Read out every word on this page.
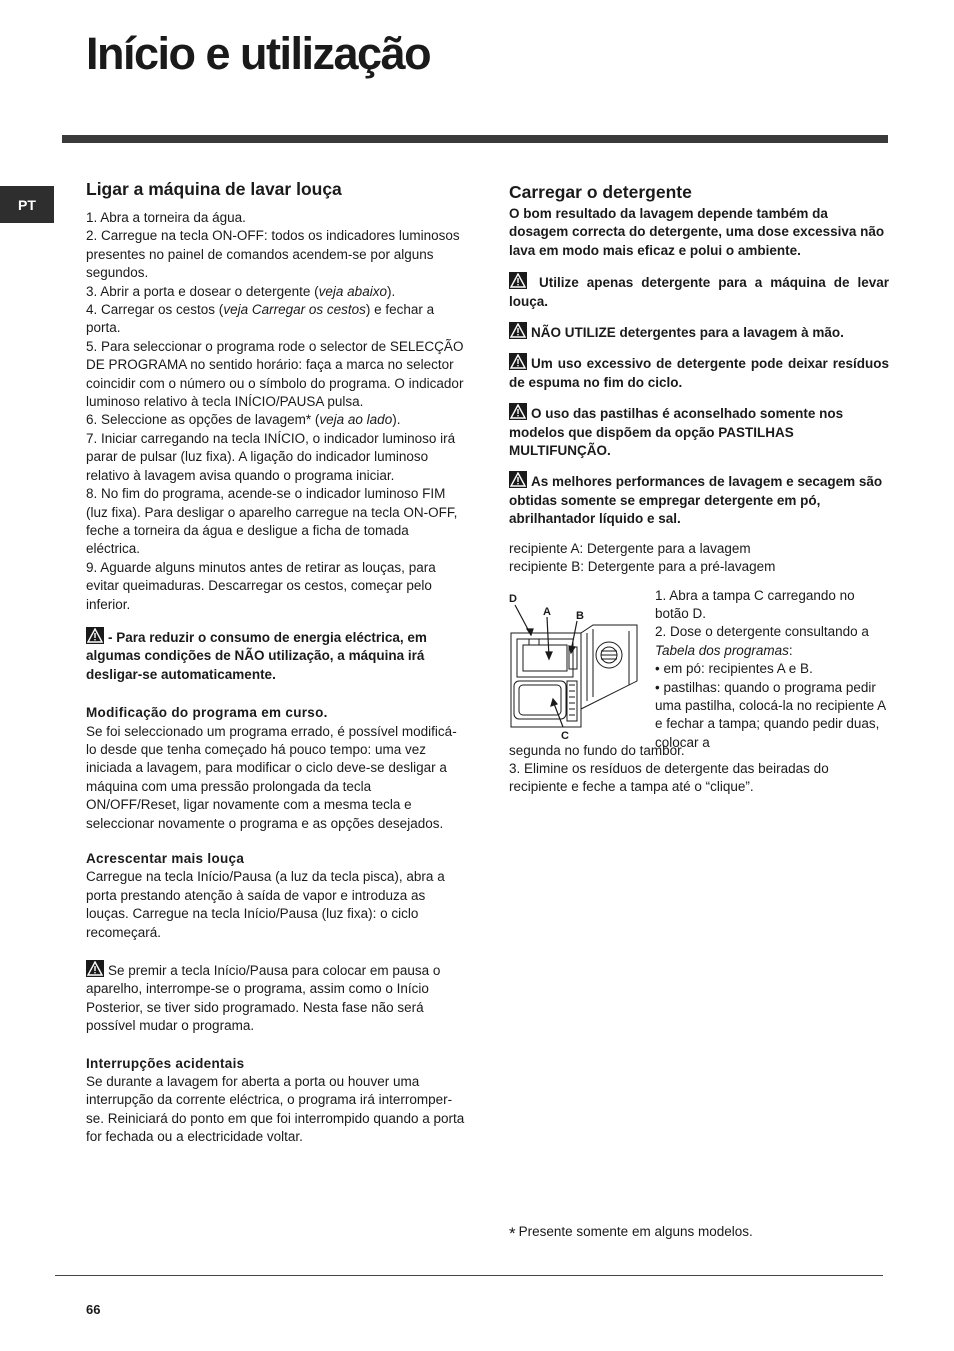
Início e utilização
PT
Ligar a máquina de lavar louça

1. Abra a torneira da água.

2. Carregue na tecla ON-OFF: todos os indicadores luminosos presentes no painel de comandos acendem-se por alguns segundos.

3. Abrir a porta e dosear o detergente (veja abaixo).

4. Carregar os cestos (veja Carregar os cestos) e fechar a porta.

5. Para seleccionar o programa rode o selector de SELECÇÃO DE PROGRAMA no sentido horário: faça a marca no selector coincidir com o número ou o símbolo do programa. O indicador luminoso relativo à tecla INÍCIO/PAUSA pulsa.

6. Seleccione as opções de lavagem* (veja ao lado).

7. Iniciar carregando na tecla INÍCIO, o indicador luminoso irá parar de pulsar (luz fixa). A ligação do indicador luminoso relativo à lavagem avisa quando o programa iniciar.

8. No fim do programa, acende-se o indicador luminoso FIM (luz fixa). Para desligar o aparelho carregue na tecla ON-OFF, feche a torneira da água e desligue a ficha de tomada eléctrica.

9. Aguarde alguns minutos antes de retirar as louças, para evitar queimaduras. Descarregar os cestos, começar pelo inferior.

- Para reduzir o consumo de energia eléctrica, em algumas condições de NÃO utilização, a máquina irá desligar-se automaticamente.

Modificação do programa em curso.

Se foi seleccionado um programa errado, é possível modificá-lo desde que tenha começado há pouco tempo: uma vez iniciada a lavagem, para modificar o ciclo deve-se desligar a máquina com uma pressão prolongada da tecla ON/OFF/Reset, ligar novamente com a mesma tecla e seleccionar novamente o programa e as opções desejados.

Acrescentar mais louça

Carregue na tecla Início/Pausa (a luz da tecla pisca), abra a porta prestando atenção à saída de vapor e introduza as louças. Carregue na tecla Início/Pausa (luz fixa): o ciclo recomeçará.

Se premir a tecla Início/Pausa para colocar em pausa o aparelho, interrompe-se o programa, assim como o Início Posterior, se tiver sido programado. Nesta fase não será possível mudar o programa.

Interrupções acidentais

Se durante a lavagem for aberta a porta ou houver uma interrupção da corrente eléctrica, o programa irá interromper-se. Reiniciará do ponto em que foi interrompido quando a porta for fechada ou a electricidade voltar.

Carregar o detergente

O bom resultado da lavagem depende também da dosagem correcta do detergente, uma dose excessiva não lava em modo mais eficaz e polui o ambiente.

Utilize apenas detergente para a máquina de levar louça.

NÃO UTILIZE detergentes para a lavagem à mão.

Um uso excessivo de detergente pode deixar resíduos de espuma no fim do ciclo.

O uso das pastilhas é aconselhado somente nos modelos que dispõem da opção PASTILHAS MULTIFUNÇÃO.

As melhores performances de lavagem e secagem são obtidas somente se empregar detergente em pó, abrilhantador líquido e sal.

recipiente A: Detergente para a lavagem

recipiente B: Detergente para a pré-lavagem

D
A B
C

1. Abra a tampa C carregando no botão D.

2. Dose o detergente consultando a Tabela dos programas:

• em pó: recipientes A e B.

• pastilhas: quando o programa pedir uma pastilha, colocá-la no recipiente A e fechar a tampa; quando pedir duas, colocar a

segunda no fundo do tambor.

3. Elimine os resíduos de detergente das beiradas do recipiente e feche a tampa até o “clique”.

* Presente somente em alguns modelos.
66
